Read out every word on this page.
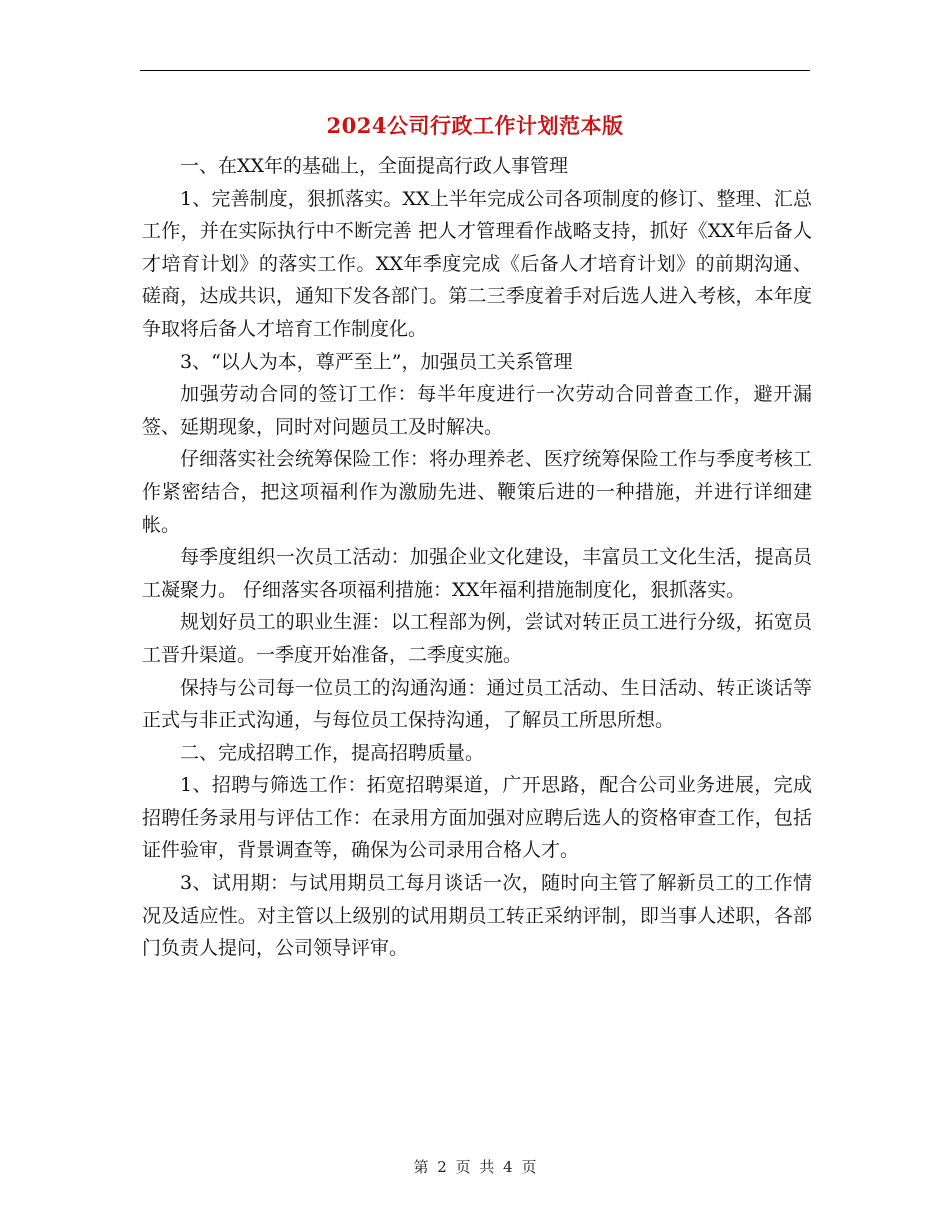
2024公司行政工作计划范本版

一、在XX年的基础上，全面提高行政人事管理

1、完善制度，狠抓落实。XX上半年完成公司各项制度的修订、整理、汇总工作，并在实际执行中不断完善 把人才管理看作战略支持，抓好《XX年后备人才培育计划》的落实工作。XX年季度完成《后备人才培育计划》的前期沟通、磋商，达成共识，通知下发各部门。第二三季度着手对后选人进入考核，本年度争取将后备人才培育工作制度化。

3、“以人为本，尊严至上”，加强员工关系管理

加强劳动合同的签订工作：每半年度进行一次劳动合同普查工作，避开漏签、延期现象，同时对问题员工及时解决。

仔细落实社会统筹保险工作：将办理养老、医疗统筹保险工作与季度考核工作紧密结合，把这项福利作为激励先进、鞭策后进的一种措施，并进行详细建帐。

每季度组织一次员工活动：加强企业文化建设，丰富员工文化生活，提高员工凝聚力。 仔细落实各项福利措施：XX年福利措施制度化，狠抓落实。

规划好员工的职业生涯：以工程部为例，尝试对转正员工进行分级，拓宽员工晋升渠道。一季度开始准备，二季度实施。

保持与公司每一位员工的沟通沟通：通过员工活动、生日活动、转正谈话等正式与非正式沟通，与每位员工保持沟通，了解员工所思所想。

二、完成招聘工作，提高招聘质量。

1、招聘与筛选工作：拓宽招聘渠道，广开思路，配合公司业务进展，完成招聘任务录用与评估工作：在录用方面加强对应聘后选人的资格审查工作，包括证件验审，背景调查等，确保为公司录用合格人才。

3、试用期：与试用期员工每月谈话一次，随时向主管了解新员工的工作情况及适应性。对主管以上级别的试用期员工转正采纳评制，即当事人述职，各部门负责人提问，公司领导评审。

第 2 页 共 4 页
